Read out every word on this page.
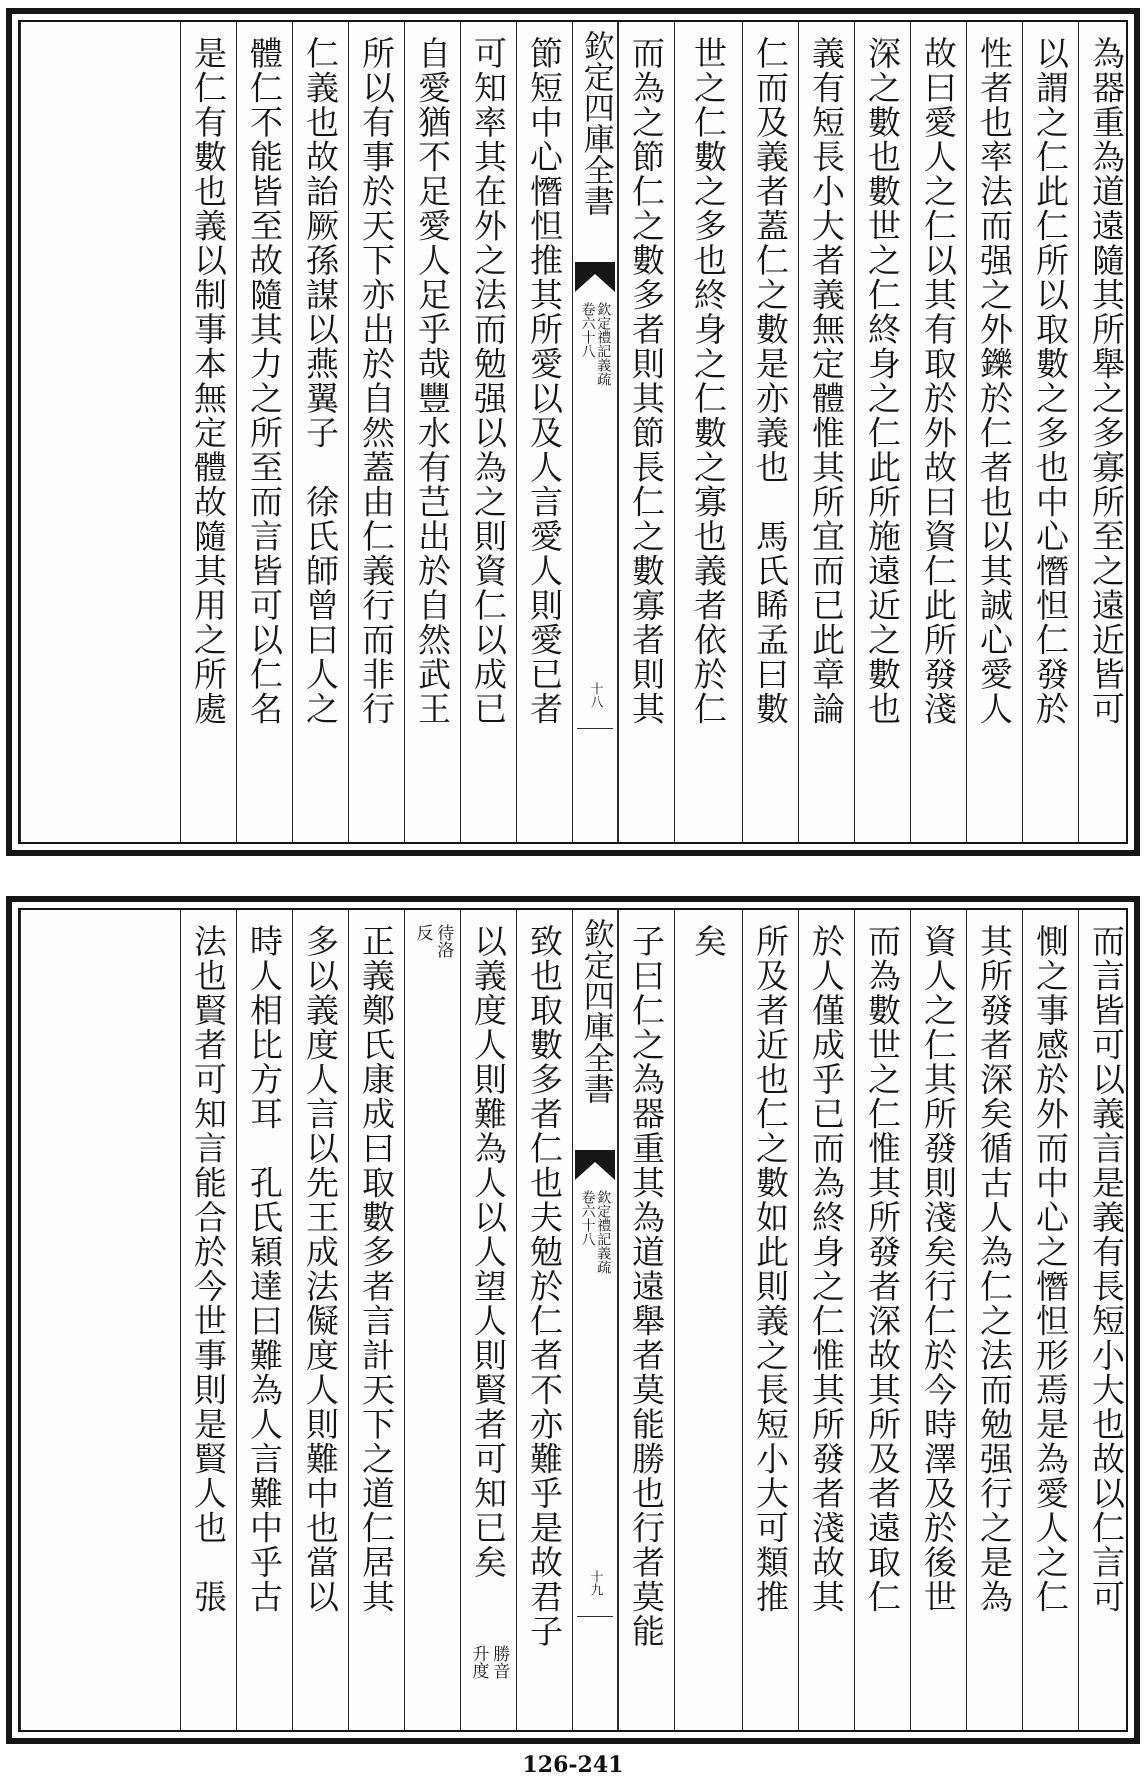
為器重為道遠隨其所舉之多寡所至之遠近皆可
以謂之仁此仁所以取數之多也中心憯怛仁發於
性者也率法而强之外鑠於仁者也以其誠心愛人
故曰愛人之仁以其有取於外故曰資仁此所發淺
深之數也數世之仁終身之仁此所施遠近之數也
義有短長小大者義無定體惟其所宜而已此章論
仁而及義者蓋仁之數是亦義也　馬氏睎孟曰數
世之仁數之多也終身之仁數之寡也義者依於仁
而為之節仁之數多者則其節長仁之數寡者則其
欽定四庫全書
欽定禮記義疏
卷六十八
十八
節短中心憯怛推其所愛以及人言愛人則愛已者
可知率其在外之法而勉强以為之則資仁以成已
自愛猶不足愛人足乎哉豐水有芑出於自然武王
所以有事於天下亦出於自然蓋由仁義行而非行
仁義也故詒厥孫謀以燕翼子　徐氏師曾曰人之
體仁不能皆至故隨其力之所至而言皆可以仁名
是仁有數也義以制事本無定體故隨其用之所處
而言皆可以義言是義有長短小大也故以仁言可
惻之事感於外而中心之憯怛形焉是為愛人之仁
其所發者深矣循古人為仁之法而勉强行之是為
資人之仁其所發則淺矣行仁於今時澤及於後世
而為數世之仁惟其所發者深故其所及者遠取仁
於人僅成乎已而為終身之仁惟其所發者淺故其
所及者近也仁之數如此則義之長短小大可類推
矣
子曰仁之為器重其為道遠舉者莫能勝也行者莫能
欽定四庫全書
欽定禮記義疏
卷六十八
十九
致也取數多者仁也夫勉於仁者不亦難乎是故君子
以義度人則難為人以人望人則賢者可知已矣
勝音
升度
待洛
反
正義鄭氏康成曰取數多者言計天下之道仁居其
多以義度人言以先王成法儗度人則難中也當以
時人相比方耳　孔氏穎達曰難為人言難中乎古
法也賢者可知言能合於今世事則是賢人也　張
126-241
